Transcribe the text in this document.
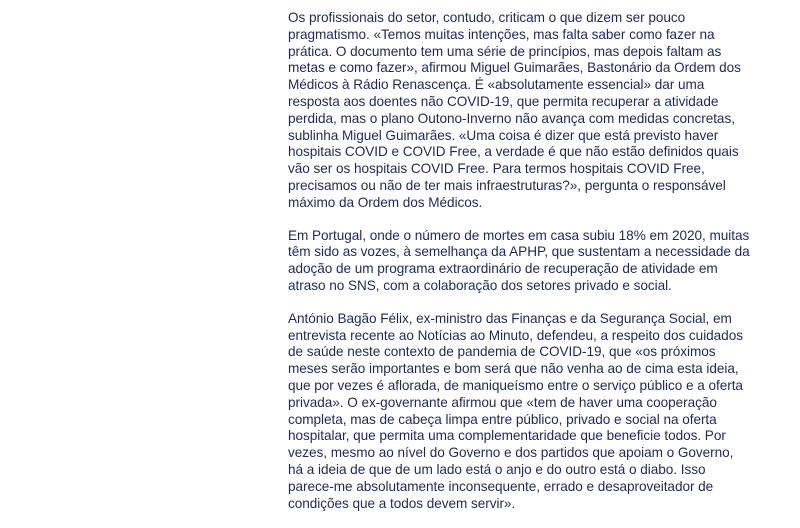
Os profissionais do setor, contudo, criticam o que dizem ser pouco
pragmatismo. «Temos muitas intenções, mas falta saber como fazer na
prática. O documento tem uma série de princípios, mas depois faltam as
metas e como fazer», afirmou Miguel Guimarães, Bastonário da Ordem dos
Médicos à Rádio Renascença. É «absolutamente essencial» dar uma
resposta aos doentes não COVID-19, que permita recuperar a atividade
perdida, mas o plano Outono-Inverno não avança com medidas concretas,
sublinha Miguel Guimarães. «Uma coisa é dizer que está previsto haver
hospitais COVID e COVID Free, a verdade é que não estão definidos quais
vão ser os hospitais COVID Free. Para termos hospitais COVID Free,
precisamos ou não de ter mais infraestruturas?», pergunta o responsável
máximo da Ordem dos Médicos.

Em Portugal, onde o número de mortes em casa subiu 18% em 2020, muitas
têm sido as vozes, à semelhança da APHP, que sustentam a necessidade da
adoção de um programa extraordinário de recuperação de atividade em
atraso no SNS, com a colaboração dos setores privado e social.

António Bagão Félix, ex-ministro das Finanças e da Segurança Social, em
entrevista recente ao Notícias ao Minuto, defendeu, a respeito dos cuidados
de saúde neste contexto de pandemia de COVID-19, que «os próximos
meses serão importantes e bom será que não venha ao de cima esta ideia,
que por vezes é aflorada, de maniqueísmo entre o serviço público e a oferta
privada». O ex-governante afirmou que «tem de haver uma cooperação
completa, mas de cabeça limpa entre público, privado e social na oferta
hospitalar, que permita uma complementaridade que beneficie todos. Por
vezes, mesmo ao nível do Governo e dos partidos que apoiam o Governo,
há a ideia de que de um lado está o anjo e do outro está o diabo. Isso
parece-me absolutamente inconsequente, errado e desaproveitador de
condições que a todos devem servir».
